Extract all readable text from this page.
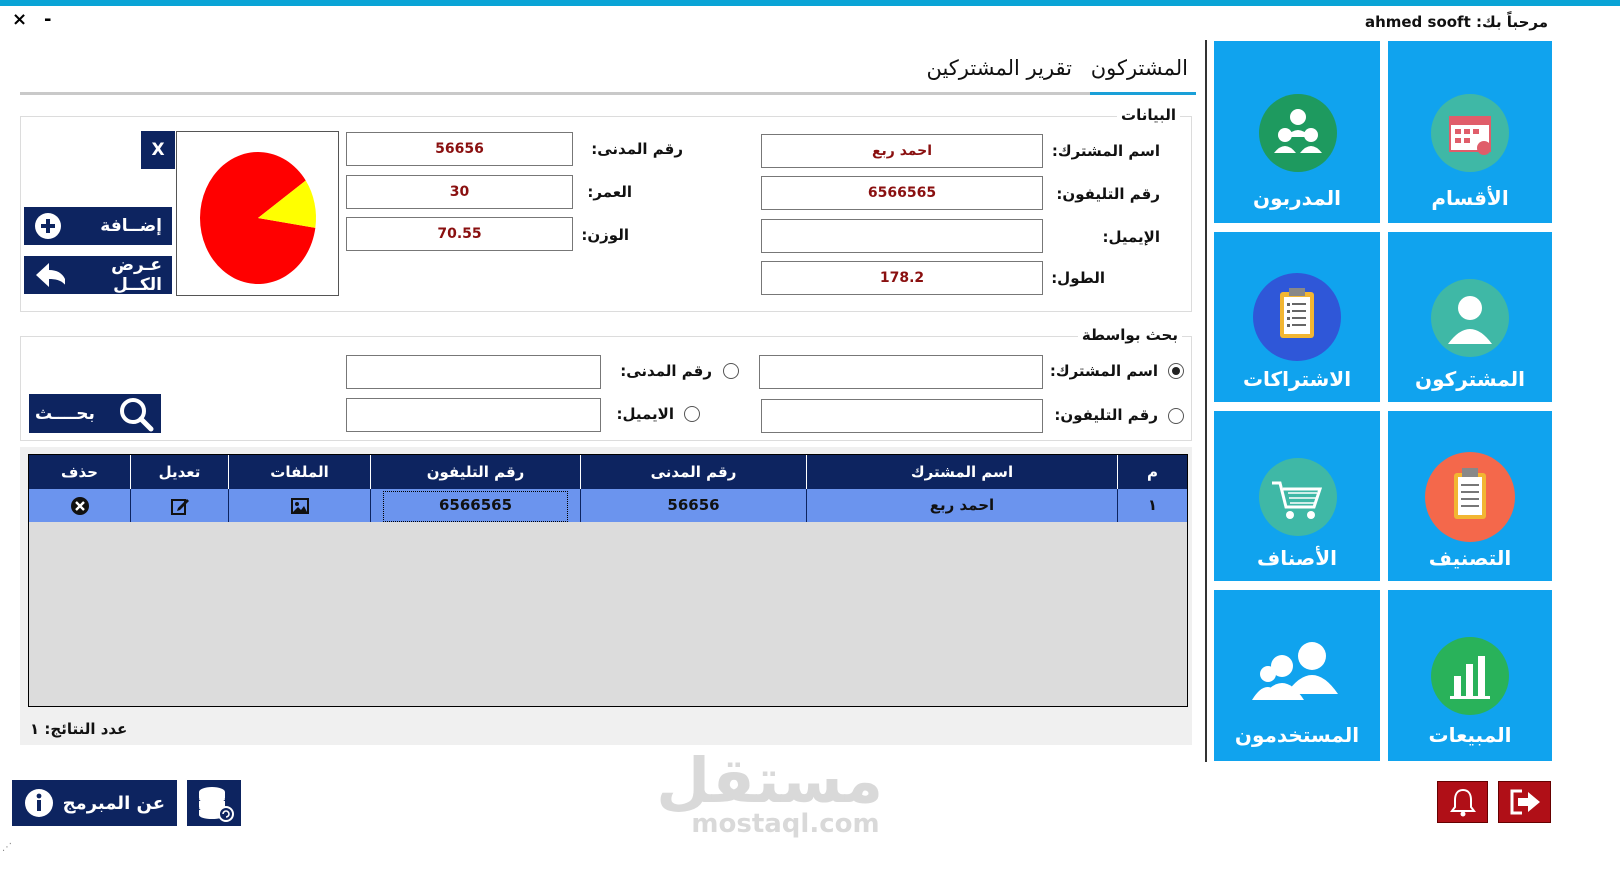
× -	مرحباً بك: ahmed sooft
المشتركون
تقرير المشتركين
البيانات
اسم المشترك:
احمد ربع
رقم التليفون:
6566565
الإيميل:
الطول:
178.2
رقم المدنى:
56656
العمر:
30
الوزن:
70.55
X
إضــافة
عـرض الكــل
بحث بواسطة
اسم المشترك:
رقم التليفون:
رقم المدنى:
الايميل:
بحــــث
م
اسم المشترك
رقم المدنى
رقم التليفون
الملفات
تعديل
حذف
١
احمد ربع
56656
6566565
عدد النتائج: ١
الأقسام
المدربون
المشتركون
الاشتراكات
التصنيف
الأصناف
المبيعات
المستخدمون
عن المبرمج	مستقل
mostaql.com
⋰
